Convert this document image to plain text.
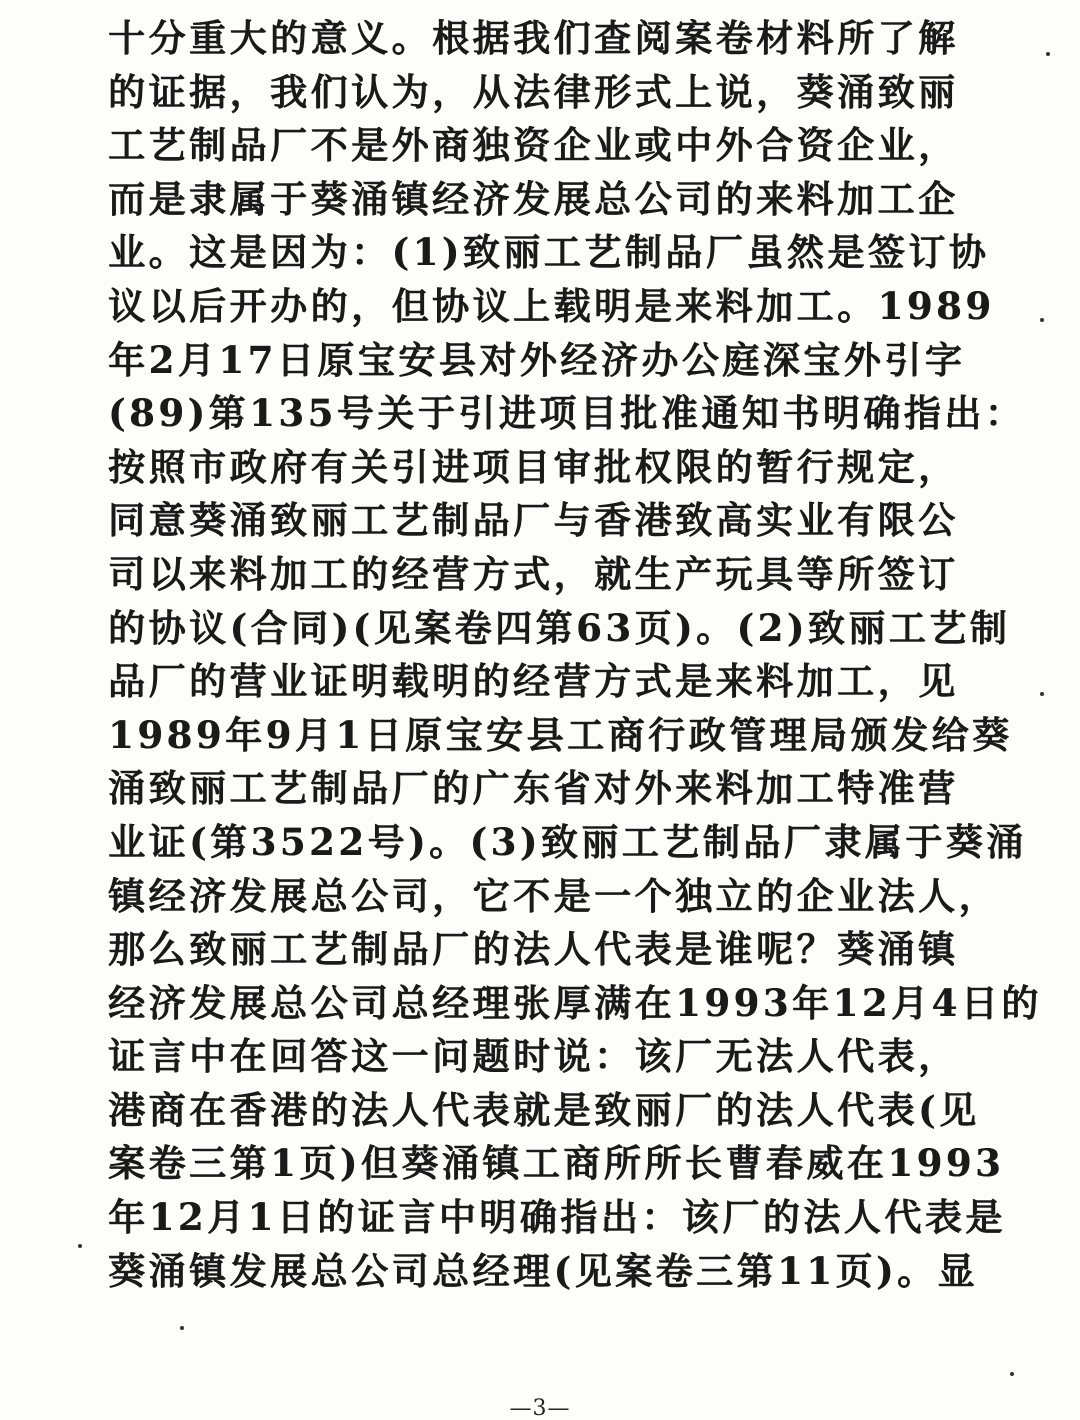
十分重大的意义。根据我们查阅案卷材料所了解
的证据，我们认为，从法律形式上说，葵涌致丽
工艺制品厂不是外商独资企业或中外合资企业，
而是隶属于葵涌镇经济发展总公司的来料加工企
业。这是因为：(1)致丽工艺制品厂虽然是签订协
议以后开办的，但协议上载明是来料加工。1989
年2月17日原宝安县对外经济办公庭深宝外引字
(89)第135号关于引进项目批准通知书明确指出：
按照市政府有关引进项目审批权限的暂行规定，
同意葵涌致丽工艺制品厂与香港致高实业有限公
司以来料加工的经营方式，就生产玩具等所签订
的协议(合同)(见案卷四第63页)。(2)致丽工艺制
品厂的营业证明载明的经营方式是来料加工，见
1989年9月1日原宝安县工商行政管理局颁发给葵
涌致丽工艺制品厂的广东省对外来料加工特准营
业证(第3522号)。(3)致丽工艺制品厂隶属于葵涌
镇经济发展总公司，它不是一个独立的企业法人，
那么致丽工艺制品厂的法人代表是谁呢？葵涌镇
经济发展总公司总经理张厚满在1993年12月4日的
证言中在回答这一问题时说：该厂无法人代表，
港商在香港的法人代表就是致丽厂的法人代表(见
案卷三第1页)但葵涌镇工商所所长曹春威在1993
年12月1日的证言中明确指出：该厂的法人代表是
葵涌镇发展总公司总经理(见案卷三第11页)。显
—3—
